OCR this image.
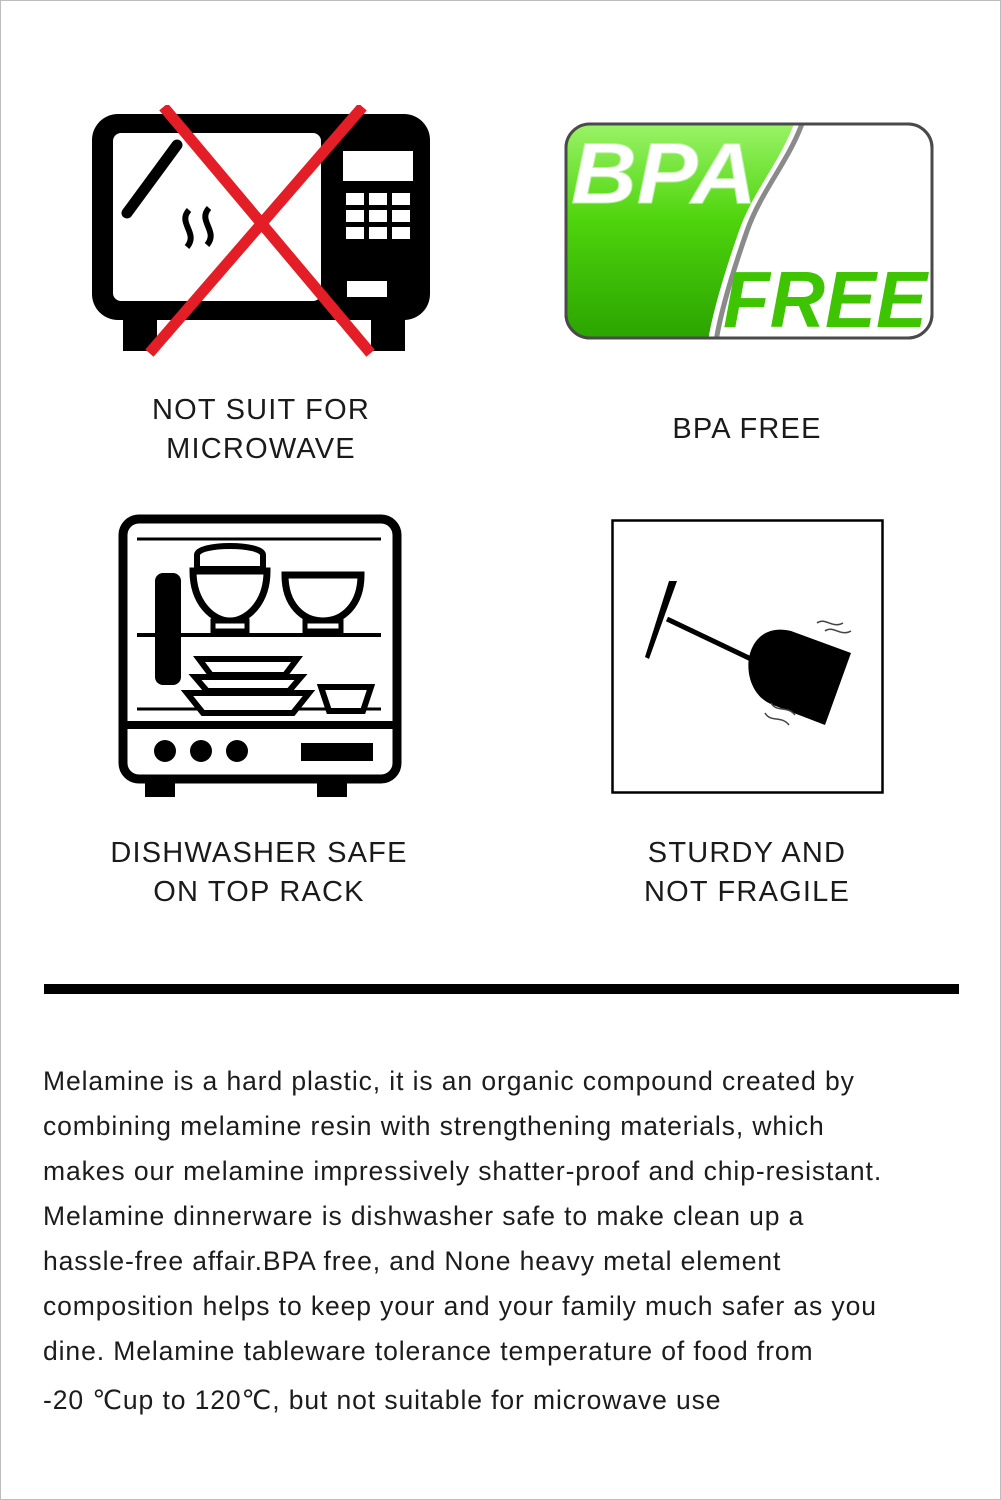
BPA
FREE
NOT SUIT FOR
MICROWAVE
BPA FREE
DISHWASHER SAFE
ON TOP RACK
STURDY AND
NOT FRAGILE
Melamine is a hard plastic, it is an organic compound created by
combining melamine resin with strengthening materials, which
makes our melamine impressively shatter-proof and chip-resistant.
Melamine dinnerware is dishwasher safe to make clean up a
hassle-free affair.BPA free, and None heavy metal element
composition helps to keep your and your family much safer as you
dine. Melamine tableware tolerance temperature of food from
-20 ℃up to 120℃, but not suitable for microwave use
